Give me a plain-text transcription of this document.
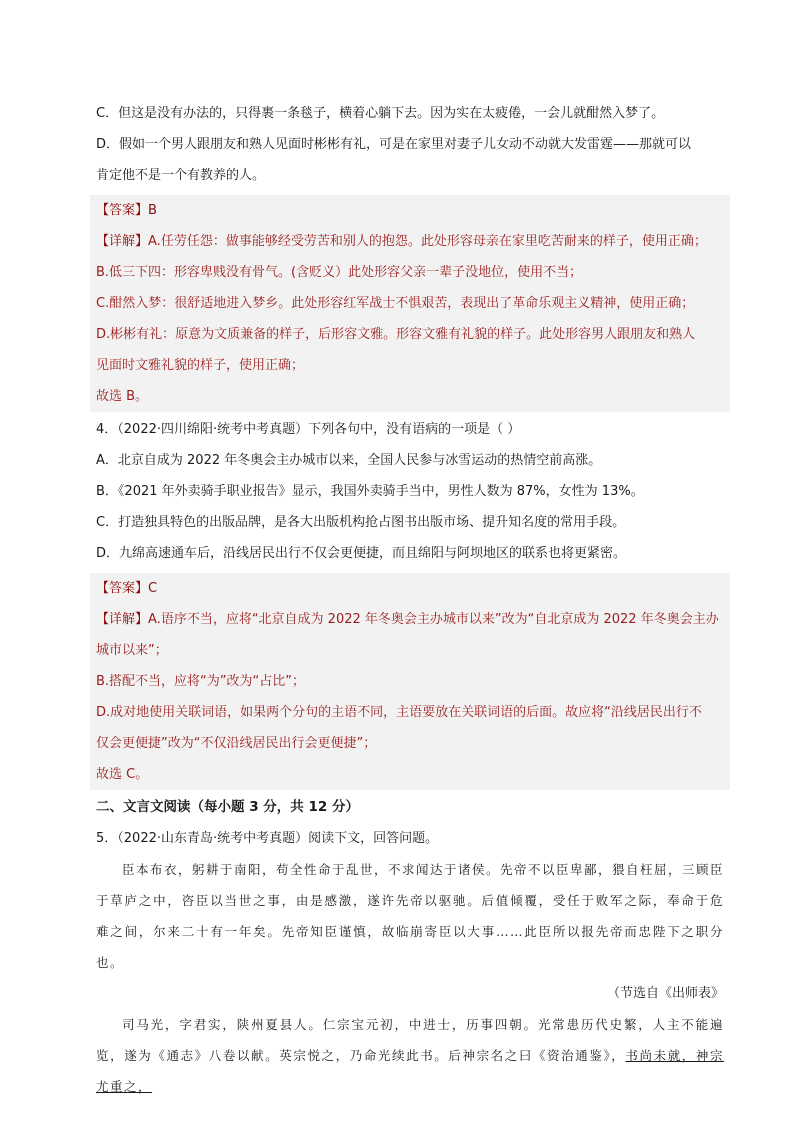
C．但这是没有办法的，只得裹一条毯子，横着心躺下去。因为实在太疲倦，一会儿就酣然入梦了。
D．假如一个男人跟朋友和熟人见面时彬彬有礼，可是在家里对妻子儿女动不动就大发雷霆——那就可以
肯定他不是一个有教养的人。
【答案】B
【详解】A.任劳任怨：做事能够经受劳苦和别人的抱怨。此处形容母亲在家里吃苦耐来的样子，使用正确；
B.低三下四：形容卑贱没有骨气。(含贬义）此处形容父亲一辈子没地位，使用不当；
C.酣然入梦：很舒适地进入梦乡。此处形容红军战士不惧艰苦，表现出了革命乐观主义精神，使用正确；
D.彬彬有礼：原意为文质兼备的样子，后形容文雅。形容文雅有礼貌的样子。此处形容男人跟朋友和熟人
见面时文雅礼貌的样子，使用正确；
故选 B。
4．（2022·四川绵阳·统考中考真题）下列各句中，没有语病的一项是（ ）
A．北京自成为 2022 年冬奥会主办城市以来，全国人民参与冰雪运动的热情空前高涨。
B．《2021 年外卖骑手职业报告》显示，我国外卖骑手当中，男性人数为 87%，女性为 13%。
C．打造独具特色的出版品牌，是各大出版机构抢占图书出版市场、提升知名度的常用手段。
D．九绵高速通车后，沿线居民出行不仅会更便捷，而且绵阳与阿坝地区的联系也将更紧密。
【答案】C
【详解】A.语序不当，应将“北京自成为 2022 年冬奥会主办城市以来”改为“自北京成为 2022 年冬奥会主办
城市以来”；
B.搭配不当，应将“为”改为“占比”；
D.成对地使用关联词语，如果两个分句的主语不同，主语要放在关联词语的后面。故应将“沿线居民出行不
仅会更便捷”改为“不仅沿线居民出行会更便捷”；
故选 C。
二、文言文阅读（每小题 3 分，共 12 分）
5．（2022·山东青岛·统考中考真题）阅读下文，回答问题。

臣本布衣，躬耕于南阳，苟全性命于乱世，不求闻达于诸侯。先帝不以臣卑鄙，猥自枉屈，三顾臣于草庐之中，咨臣以当世之事，由是感激，遂许先帝以驱驰。后值倾覆，受任于败军之际，奉命于危难之间，尔来二十有一年矣。先帝知臣谨慎，故临崩寄臣以大事……此臣所以报先帝而忠陛下之职分也。

（节选自《出师表》

司马光，字君实，陕州夏县人。仁宗宝元初，中进士，历事四朝。光常患历代史繁，人主不能遍览，遂为《通志》八卷以献。英宗悦之，乃命光续此书。后神宗名之曰《资治通鉴》，书尚未就，神宗尤重之，
